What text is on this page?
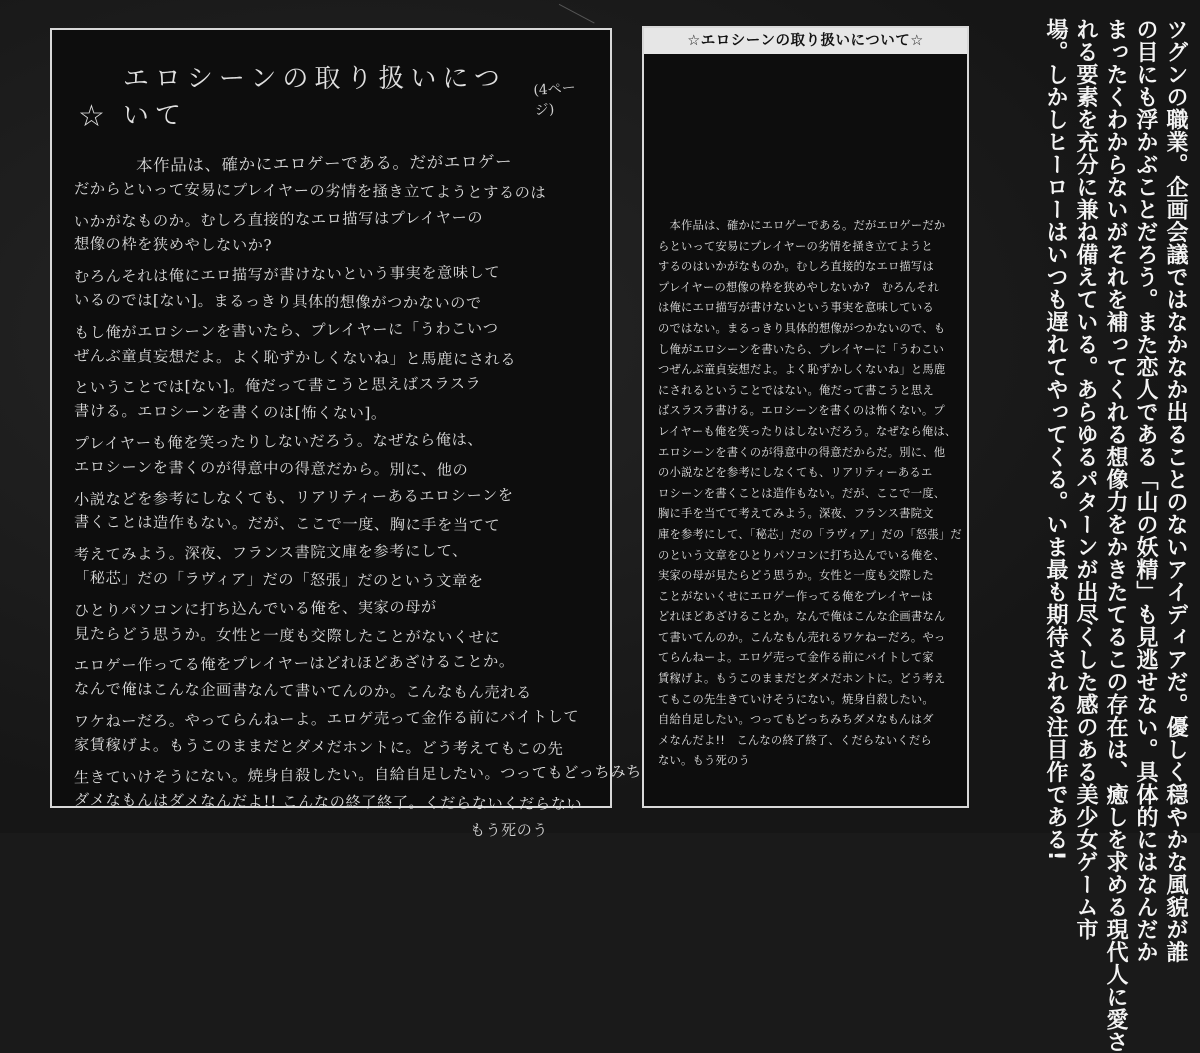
☆
エロシーンの取り扱いについて
(4ページ)
本作品は、確かにエロゲーである。だがエロゲー
だからといって安易にプレイヤーの劣情を掻き立てようとするのは
いかがなものか。むしろ直接的なエロ描写はプレイヤーの
想像の枠を狭めやしないか?
むろんそれは俺にエロ描写が書けないという事実を意味して
いるのでは[ない]。まるっきり具体的想像がつかないので
もし俺がエロシーンを書いたら、プレイヤーに「うわこいつ
ぜんぶ童貞妄想だよ。よく恥ずかしくないね」と馬鹿にされる
ということでは[ない]。俺だって書こうと思えばスラスラ
書ける。エロシーンを書くのは[怖くない]。
プレイヤーも俺を笑ったりしないだろう。なぜなら俺は、
エロシーンを書くのが得意中の得意だから。別に、他の
小説などを参考にしなくても、リアリティーあるエロシーンを
書くことは造作もない。だが、ここで一度、胸に手を当てて
考えてみよう。深夜、フランス書院文庫を参考にして、
「秘芯」だの「ラヴィア」だの「怒張」だのという文章を
ひとりパソコンに打ち込んでいる俺を、実家の母が
見たらどう思うか。女性と一度も交際したことがないくせに
エロゲー作ってる俺をプレイヤーはどれほどあざけることか。
なんで俺はこんな企画書なんて書いてんのか。こんなもん売れる
ワケねーだろ。やってらんねーよ。エロゲ売って金作る前にバイトして
家賃稼げよ。もうこのままだとダメだホントに。どう考えてもこの先
生きていけそうにない。焼身自殺したい。自給自足したい。つってもどっちみち
ダメなもんはダメなんだよ!! こんなの終了終了。くだらないくだらない
もう死のう
☆エロシーンの取り扱いについて☆
　本作品は、確かにエロゲーである。だがエロゲーだか
らといって安易にプレイヤーの劣情を掻き立てようと
するのはいかがなものか。むしろ直接的なエロ描写は
プレイヤーの想像の枠を狭めやしないか?　むろんそれ
は俺にエロ描写が書けないという事実を意味している
のではない。まるっきり具体的想像がつかないので、も
し俺がエロシーンを書いたら、プレイヤーに「うわこい
つぜんぶ童貞妄想だよ。よく恥ずかしくないね」と馬鹿
にされるということではない。俺だって書こうと思え
ばスラスラ書ける。エロシーンを書くのは怖くない。プ
レイヤーも俺を笑ったりはしないだろう。なぜなら俺は、
エロシーンを書くのが得意中の得意だからだ。別に、他
の小説などを参考にしなくても、リアリティーあるエ
ロシーンを書くことは造作もない。だが、ここで一度、
胸に手を当てて考えてみよう。深夜、フランス書院文
庫を参考にして、「秘芯」だの「ラヴィア」だの「怒張」だ
のという文章をひとりパソコンに打ち込んでいる俺を、
実家の母が見たらどう思うか。女性と一度も交際した
ことがないくせにエロゲー作ってる俺をプレイヤーは
どれほどあざけることか。なんで俺はこんな企画書なん
て書いてんのか。こんなもん売れるワケねーだろ。やっ
てらんねーよ。エロゲ売って金作る前にバイトして家
賃稼げよ。もうこのままだとダメだホントに。どう考え
てもこの先生きていけそうにない。焼身自殺したい。
自給自足したい。つってもどっちみちダメなもんはダ
メなんだよ!!　こんなの終了終了、くだらないくだら
ない。もう死のう	ツグンの職業。企画会議ではなかなか出ることのないアイディアだ。優しく穏やかな風貌が誰
の目にも浮かぶことだろう。また恋人である「山の妖精」も見逃せない。具体的にはなんだか
まったくわからないがそれを補ってくれる想像力をかきたてるこの存在は、癒しを求める現代人に愛さ
れる要素を充分に兼ね備えている。あらゆるパターンが出尽くした感のある美少女ゲーム市
場。しかしヒーローはいつも遅れてやってくる。いま最も期待される注目作である!
